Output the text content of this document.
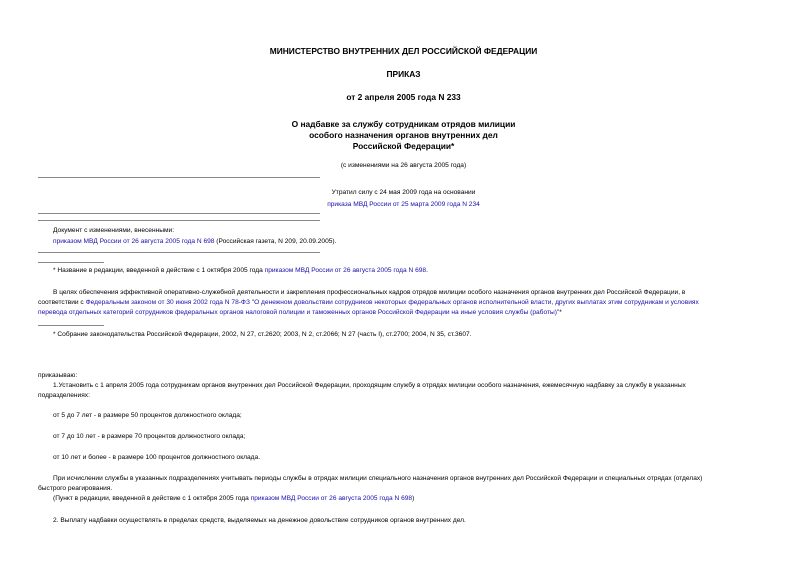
МИНИСТЕРСТВО ВНУТРЕННИХ ДЕЛ РОССИЙСКОЙ ФЕДЕРАЦИИ
ПРИКАЗ
от 2 апреля 2005 года N 233
О надбавке за службу сотрудникам отрядов милиции
особого назначения органов внутренних дел
Российской Федерации*
(с изменениями на 26 августа 2005 года)
Утратил силу с 24 мая 2009 года на основании
приказа МВД России от 25 марта 2009 года N 234
Документ с изменениями, внесенными:
приказом МВД России от 26 августа 2005 года N 698 (Российская газета, N 209, 20.09.2005).
* Название в редакции, введенной в действие с 1 октября 2005 года приказом МВД России от 26 августа 2005 года N 698.
В целях обеспечения эффективной оперативно-служебной деятельности и закрепления профессиональных кадров отрядов милиции особого назначения органов внутренних дел Российской Федерации, в
соответствии с Федеральным законом от 30 июня 2002 года N 78-ФЗ "О денежном довольствии сотрудников некоторых федеральных органов исполнительной власти, других выплатах этим сотрудникам и условиях
перевода отдельных категорий сотрудников федеральных органов налоговой полиции и таможенных органов Российской Федерации на иные условия службы (работы)"*
* Собрание законодательства Российской Федерации, 2002, N 27, ст.2620; 2003, N 2, ст.2066; N 27 (часть I), ст.2700; 2004, N 35, ст.3607.
приказываю:
1.Установить с 1 апреля 2005 года сотрудникам органов внутренних дел Российской Федерации, проходящим службу в отрядах милиции особого назначения, ежемесячную надбавку за службу в указанных
подразделениях:
от 5 до 7 лет - в размере 50 процентов должностного оклада;
от 7 до 10 лет - в размере 70 процентов должностного оклада;
от 10 лет и более - в размере 100 процентов должностного оклада.
При исчислении службы в указанных подразделениях учитывать периоды службы в отрядах милиции специального назначения органов внутренних дел Российской Федерации и специальных отрядах (отделах)
быстрого реагирования.
(Пункт в редакции, введенной в действие с 1 октября 2005 года приказом МВД России от 26 августа 2005 года N 698)
2. Выплату надбавки осуществлять в пределах средств, выделяемых на денежное довольствие сотрудников органов внутренних дел.
